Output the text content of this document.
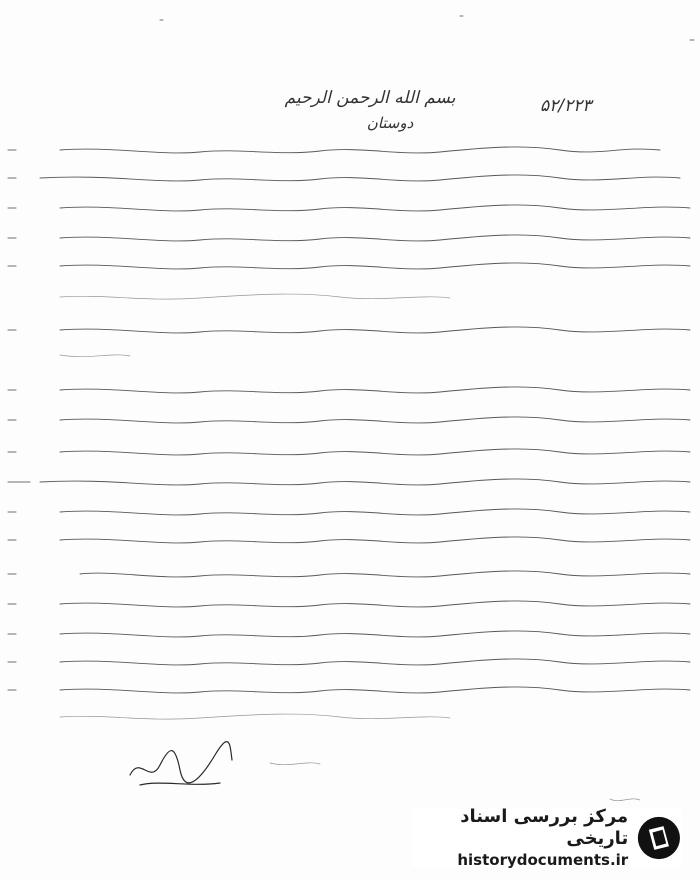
۵۲/۲۲۳
بسم الله الرحمن الرحیم
دوستان
مرکز بررسی اسناد تاریخی
historydocuments.ir
